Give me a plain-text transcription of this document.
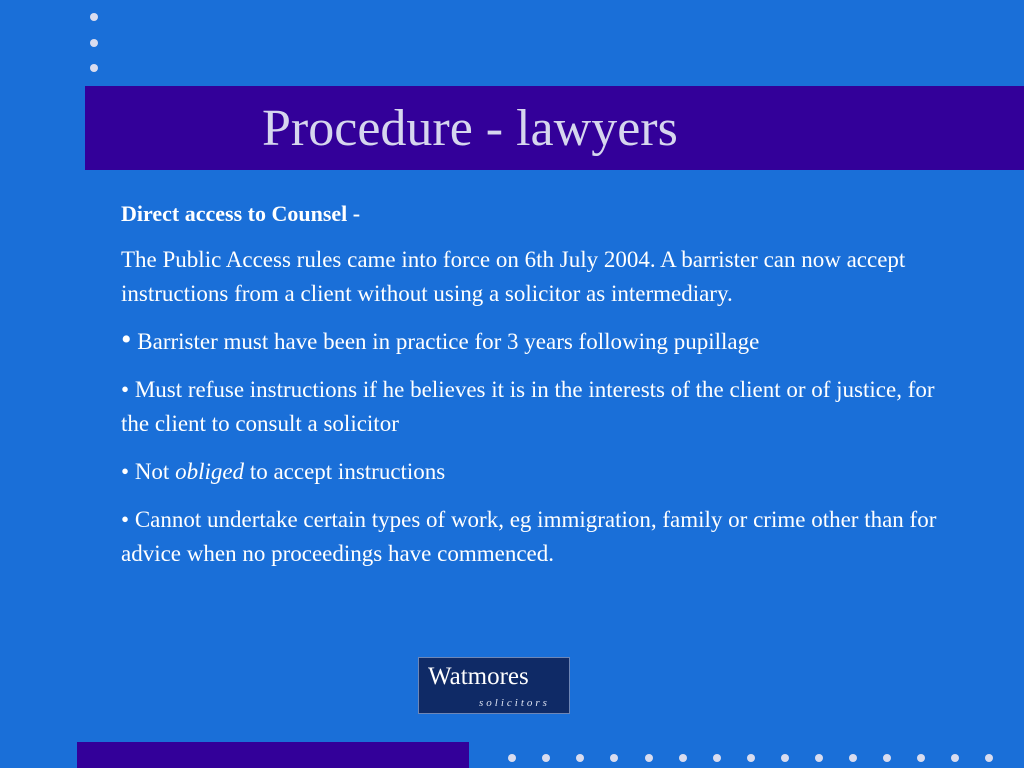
Procedure - lawyers

Direct access to Counsel -

The Public Access rules came into force on 6th July 2004. A barrister can now accept instructions from a client without using a solicitor as intermediary.

• Barrister must have been in practice for 3 years following pupillage

• Must refuse instructions if he believes it is in the interests of the client or of justice, for the client to consult a solicitor

• Not obliged to accept instructions

• Cannot undertake certain types of work, eg immigration, family or crime other than for advice when no proceedings have commenced.

Watmores
solicitors
